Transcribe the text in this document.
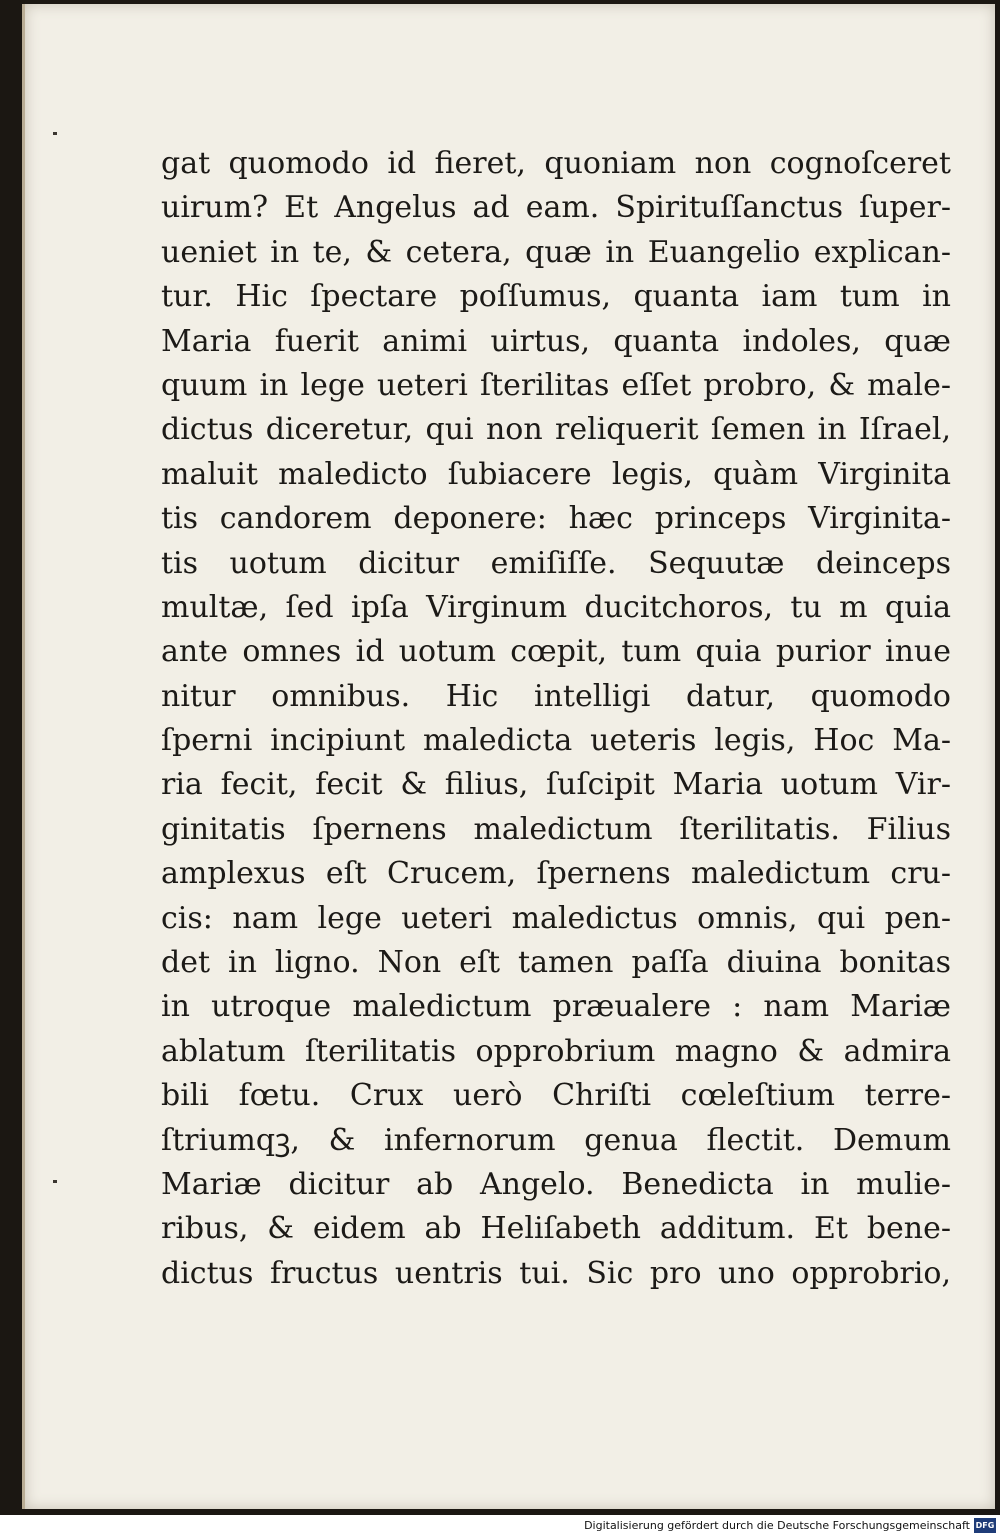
gat quomodo id fieret, quoniam non cognoſceret
uirum? Et Angelus ad eam. Spirituſſanctus ſuper-
ueniet in te, & cetera, quæ in Euangelio explican-
tur. Hic ſpectare poſſumus, quanta iam tum in
Maria fuerit animi uirtus, quanta indoles, quæ
quum in lege ueteri ſterilitas eſſet probro, & male-
dictus diceretur, qui non reliquerit ſemen in Iſrael,
maluit maledicto ſubiacere legis, quàm Virginita
tis candorem deponere: hæc princeps Virginita-
tis uotum dicitur emiſiſſe. Sequutæ deinceps
multæ, ſed ipſa Virginum ducitchoros, tu m quia
ante omnes id uotum cœpit, tum quia purior inue
nitur omnibus. Hic intelligi datur, quomodo
ſperni incipiunt maledicta ueteris legis, Hoc Ma-
ria fecit, fecit & filius, ſuſcipit Maria uotum Vir-
ginitatis ſpernens maledictum ſterilitatis. Filius
amplexus eſt Crucem, ſpernens maledictum cru-
cis: nam lege ueteri maledictus omnis, qui pen-
det in ligno. Non eſt tamen paſſa diuina bonitas
in utroque maledictum præualere : nam Mariæ
ablatum ſterilitatis opprobrium magno & admira
bili fœtu. Crux uerò Chriſti cœleſtium terre-
ſtriumqꝫ, & infernorum genua flectit. Demum
Mariæ dicitur ab Angelo. Benedicta in mulie-
ribus, & eidem ab Heliſabeth additum. Et bene-
dictus fructus uentris tui. Sic pro uno opprobrio,
Digitalisierung gefördert durch die Deutsche Forschungsgemeinschaft DFG
